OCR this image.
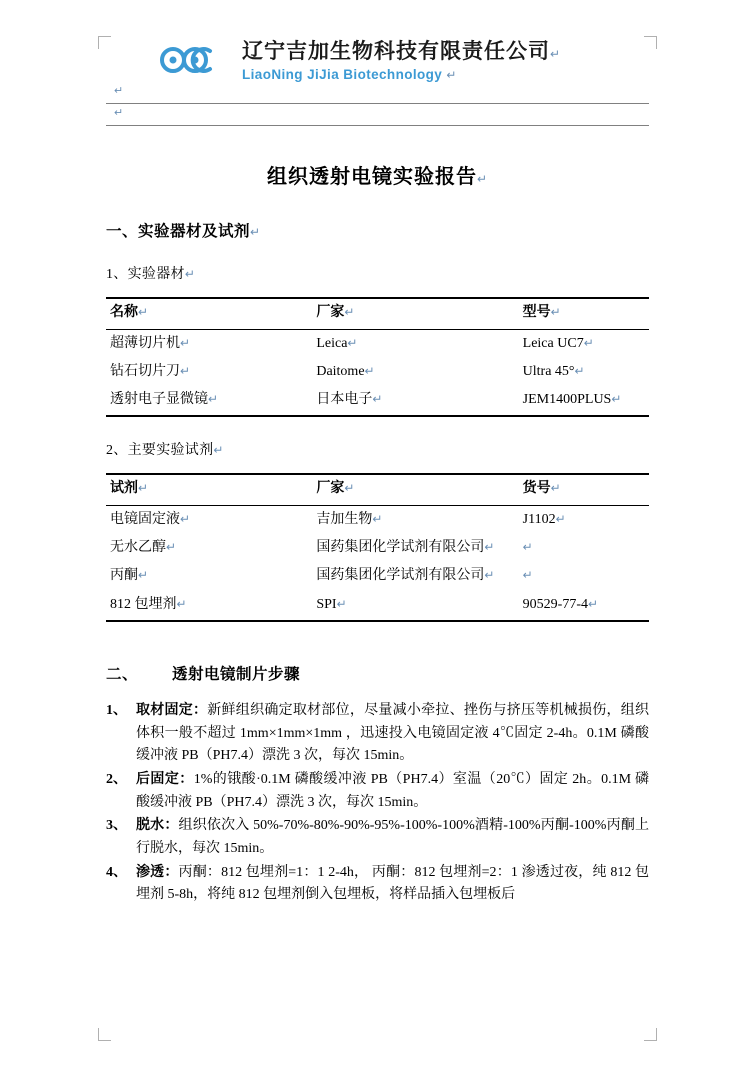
辽宁吉加生物科技有限责任公司↵
LiaoNing JiJia Biotechnology ↵
↵
↵
组织透射电镜实验报告↵
一、实验器材及试剂↵
1、实验器材↵
名称↵	厂家↵	型号↵
超薄切片机↵	Leica↵	Leica UC7↵
钻石切片刀↵	Daitome↵	Ultra 45°↵
透射电子显微镜↵	日本电子↵	JEM1400PLUS↵
2、主要实验试剂↵
试剂↵	厂家↵	货号↵
电镜固定液↵	吉加生物↵	J1102↵
无水乙醇↵	国药集团化学试剂有限公司↵	↵
丙酮↵	国药集团化学试剂有限公司↵	↵
812 包埋剂↵	SPI↵	90529-77-4↵
二、 透射电镜制片步骤
1、 取材固定：新鲜组织确定取材部位，尽量减小牵拉、挫伤与挤压等机械损伤，组织体积一般不超过 1mm×1mm×1mm ，迅速投入电镜固定液 4℃固定 2-4h。0.1M 磷酸缓冲液 PB（PH7.4）漂洗 3 次，每次 15min。
2、 后固定：1%的锇酸·0.1M 磷酸缓冲液 PB（PH7.4）室温（20℃）固定 2h。0.1M 磷酸缓冲液 PB（PH7.4）漂洗 3 次，每次 15min。
3、 脱水：组织依次入 50%-70%-80%-90%-95%-100%-100%酒精-100%丙酮-100%丙酮上行脱水，每次 15min。
4、 渗透：丙酮：812 包埋剂=1：1 2-4h， 丙酮：812 包埋剂=2：1 渗透过夜，纯 812 包埋剂 5-8h，将纯 812 包埋剂倒入包埋板，将样品插入包埋板后
